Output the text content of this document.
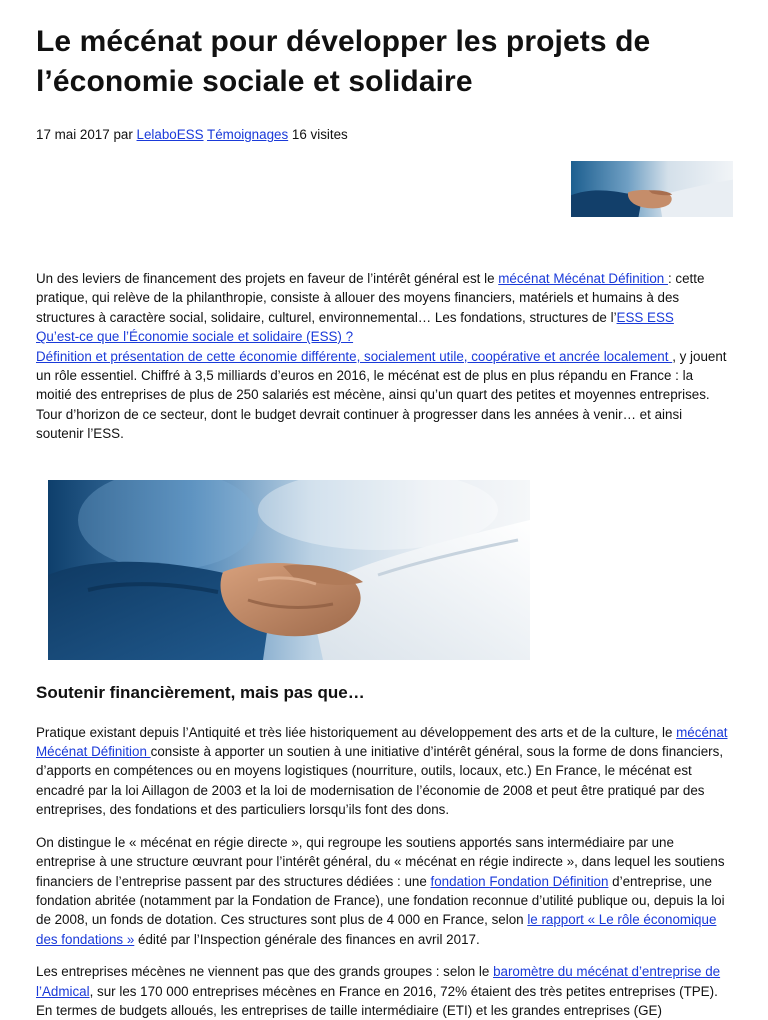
Le mécénat pour développer les projets de l’économie sociale et solidaire
17 mai 2017 par LelaboESS Témoignages 16 visites

Un des leviers de financement des projets en faveur de l’intérêt général est le mécénat Mécénat Définition : cette pratique, qui relève de la philanthropie, consiste à allouer des moyens financiers, matériels et humains à des structures à caractère social, solidaire, culturel, environnemental… Les fondations, structures de l’ESS ESS
Qu’est-ce que l’Économie sociale et solidaire (ESS) ?
Définition et présentation de cette économie différente, socialement utile, coopérative et ancrée localement , y jouent un rôle essentiel. Chiffré à 3,5 milliards d’euros en 2016, le mécénat est de plus en plus répandu en France : la moitié des entreprises de plus de 250 salariés est mécène, ainsi qu’un quart des petites et moyennes entreprises. Tour d’horizon de ce secteur, dont le budget devrait continuer à progresser dans les années à venir… et ainsi soutenir l’ESS.

Soutenir financièrement, mais pas que…

Pratique existant depuis l’Antiquité et très liée historiquement au développement des arts et de la culture, le mécénat Mécénat Définition consiste à apporter un soutien à une initiative d’intérêt général, sous la forme de dons financiers, d’apports en compétences ou en moyens logistiques (nourriture, outils, locaux, etc.) En France, le mécénat est encadré par la loi Aillagon de 2003 et la loi de modernisation de l’économie de 2008 et peut être pratiqué par des entreprises, des fondations et des particuliers lorsqu’ils font des dons.

On distingue le « mécénat en régie directe », qui regroupe les soutiens apportés sans intermédiaire par une entreprise à une structure œuvrant pour l’intérêt général, du « mécénat en régie indirecte », dans lequel les soutiens financiers de l’entreprise passent par des structures dédiées : une fondation Fondation Définition d’entreprise, une fondation abritée (notamment par la Fondation de France), une fondation reconnue d’utilité publique ou, depuis la loi de 2008, un fonds de dotation. Ces structures sont plus de 4 000 en France, selon le rapport « Le rôle économique des fondations » édité par l’Inspection générale des finances en avril 2017.

Les entreprises mécènes ne viennent pas que des grands groupes : selon le baromètre du mécénat d’entreprise de l’Admical, sur les 170 000 entreprises mécènes en France en 2016, 72% étaient des très petites entreprises (TPE). En termes de budgets alloués, les entreprises de taille intermédiaire (ETI) et les grandes entreprises (GE)
